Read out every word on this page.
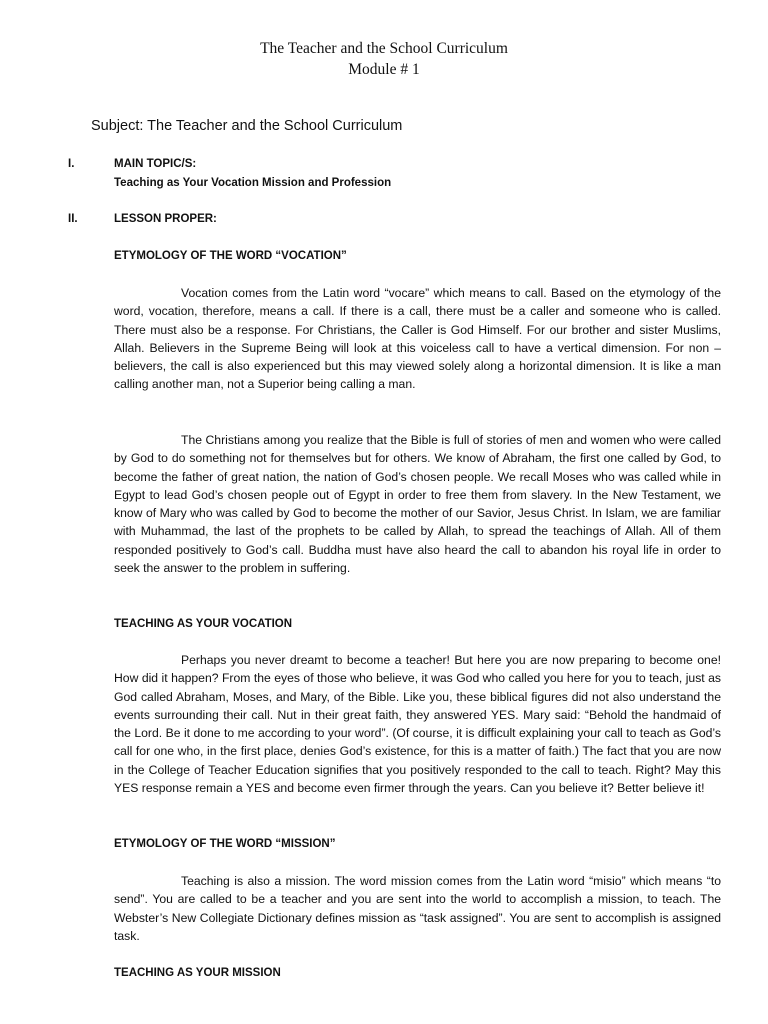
The Teacher and the School Curriculum
Module # 1
Subject: The Teacher and the School Curriculum
I.	MAIN TOPIC/S:
Teaching as Your Vocation Mission and Profession
II.	LESSON PROPER:
ETYMOLOGY OF THE WORD “VOCATION”

Vocation comes from the Latin word “vocare” which means to call. Based on the etymology of the word, vocation, therefore, means a call. If there is a call, there must be a caller and someone who is called. There must also be a response. For Christians, the Caller is God Himself. For our brother and sister Muslims, Allah. Believers in the Supreme Being will look at this voiceless call to have a vertical dimension. For non – believers, the call is also experienced but this may viewed solely along a horizontal dimension. It is like a man calling another man, not a Superior being calling a man.

The Christians among you realize that the Bible is full of stories of men and women who were called by God to do something not for themselves but for others. We know of Abraham, the first one called by God, to become the father of great nation, the nation of God’s chosen people. We recall Moses who was called while in Egypt to lead God’s chosen people out of Egypt in order to free them from slavery. In the New Testament, we know of Mary who was called by God to become the mother of our Savior, Jesus Christ. In Islam, we are familiar with Muhammad, the last of the prophets to be called by Allah, to spread the teachings of Allah. All of them responded positively to God’s call. Buddha must have also heard the call to abandon his royal life in order to seek the answer to the problem in suffering.

TEACHING AS YOUR VOCATION

Perhaps you never dreamt to become a teacher! But here you are now preparing to become one! How did it happen? From the eyes of those who believe, it was God who called you here for you to teach, just as God called Abraham, Moses, and Mary, of the Bible. Like you, these biblical figures did not also understand the events surrounding their call. Nut in their great faith, they answered YES. Mary said: “Behold the handmaid of the Lord. Be it done to me according to your word”. (Of course, it is difficult explaining your call to teach as God’s call for one who, in the first place, denies God’s existence, for this is a matter of faith.) The fact that you are now in the College of Teacher Education signifies that you positively responded to the call to teach. Right? May this YES response remain a YES and become even firmer through the years. Can you believe it? Better believe it!

ETYMOLOGY OF THE WORD “MISSION”

Teaching is also a mission. The word mission comes from the Latin word “misio” which means “to send”. You are called to be a teacher and you are sent into the world to accomplish a mission, to teach. The Webster’s New Collegiate Dictionary defines mission as “task assigned”. You are sent to accomplish is assigned task.

TEACHING AS YOUR MISSION
